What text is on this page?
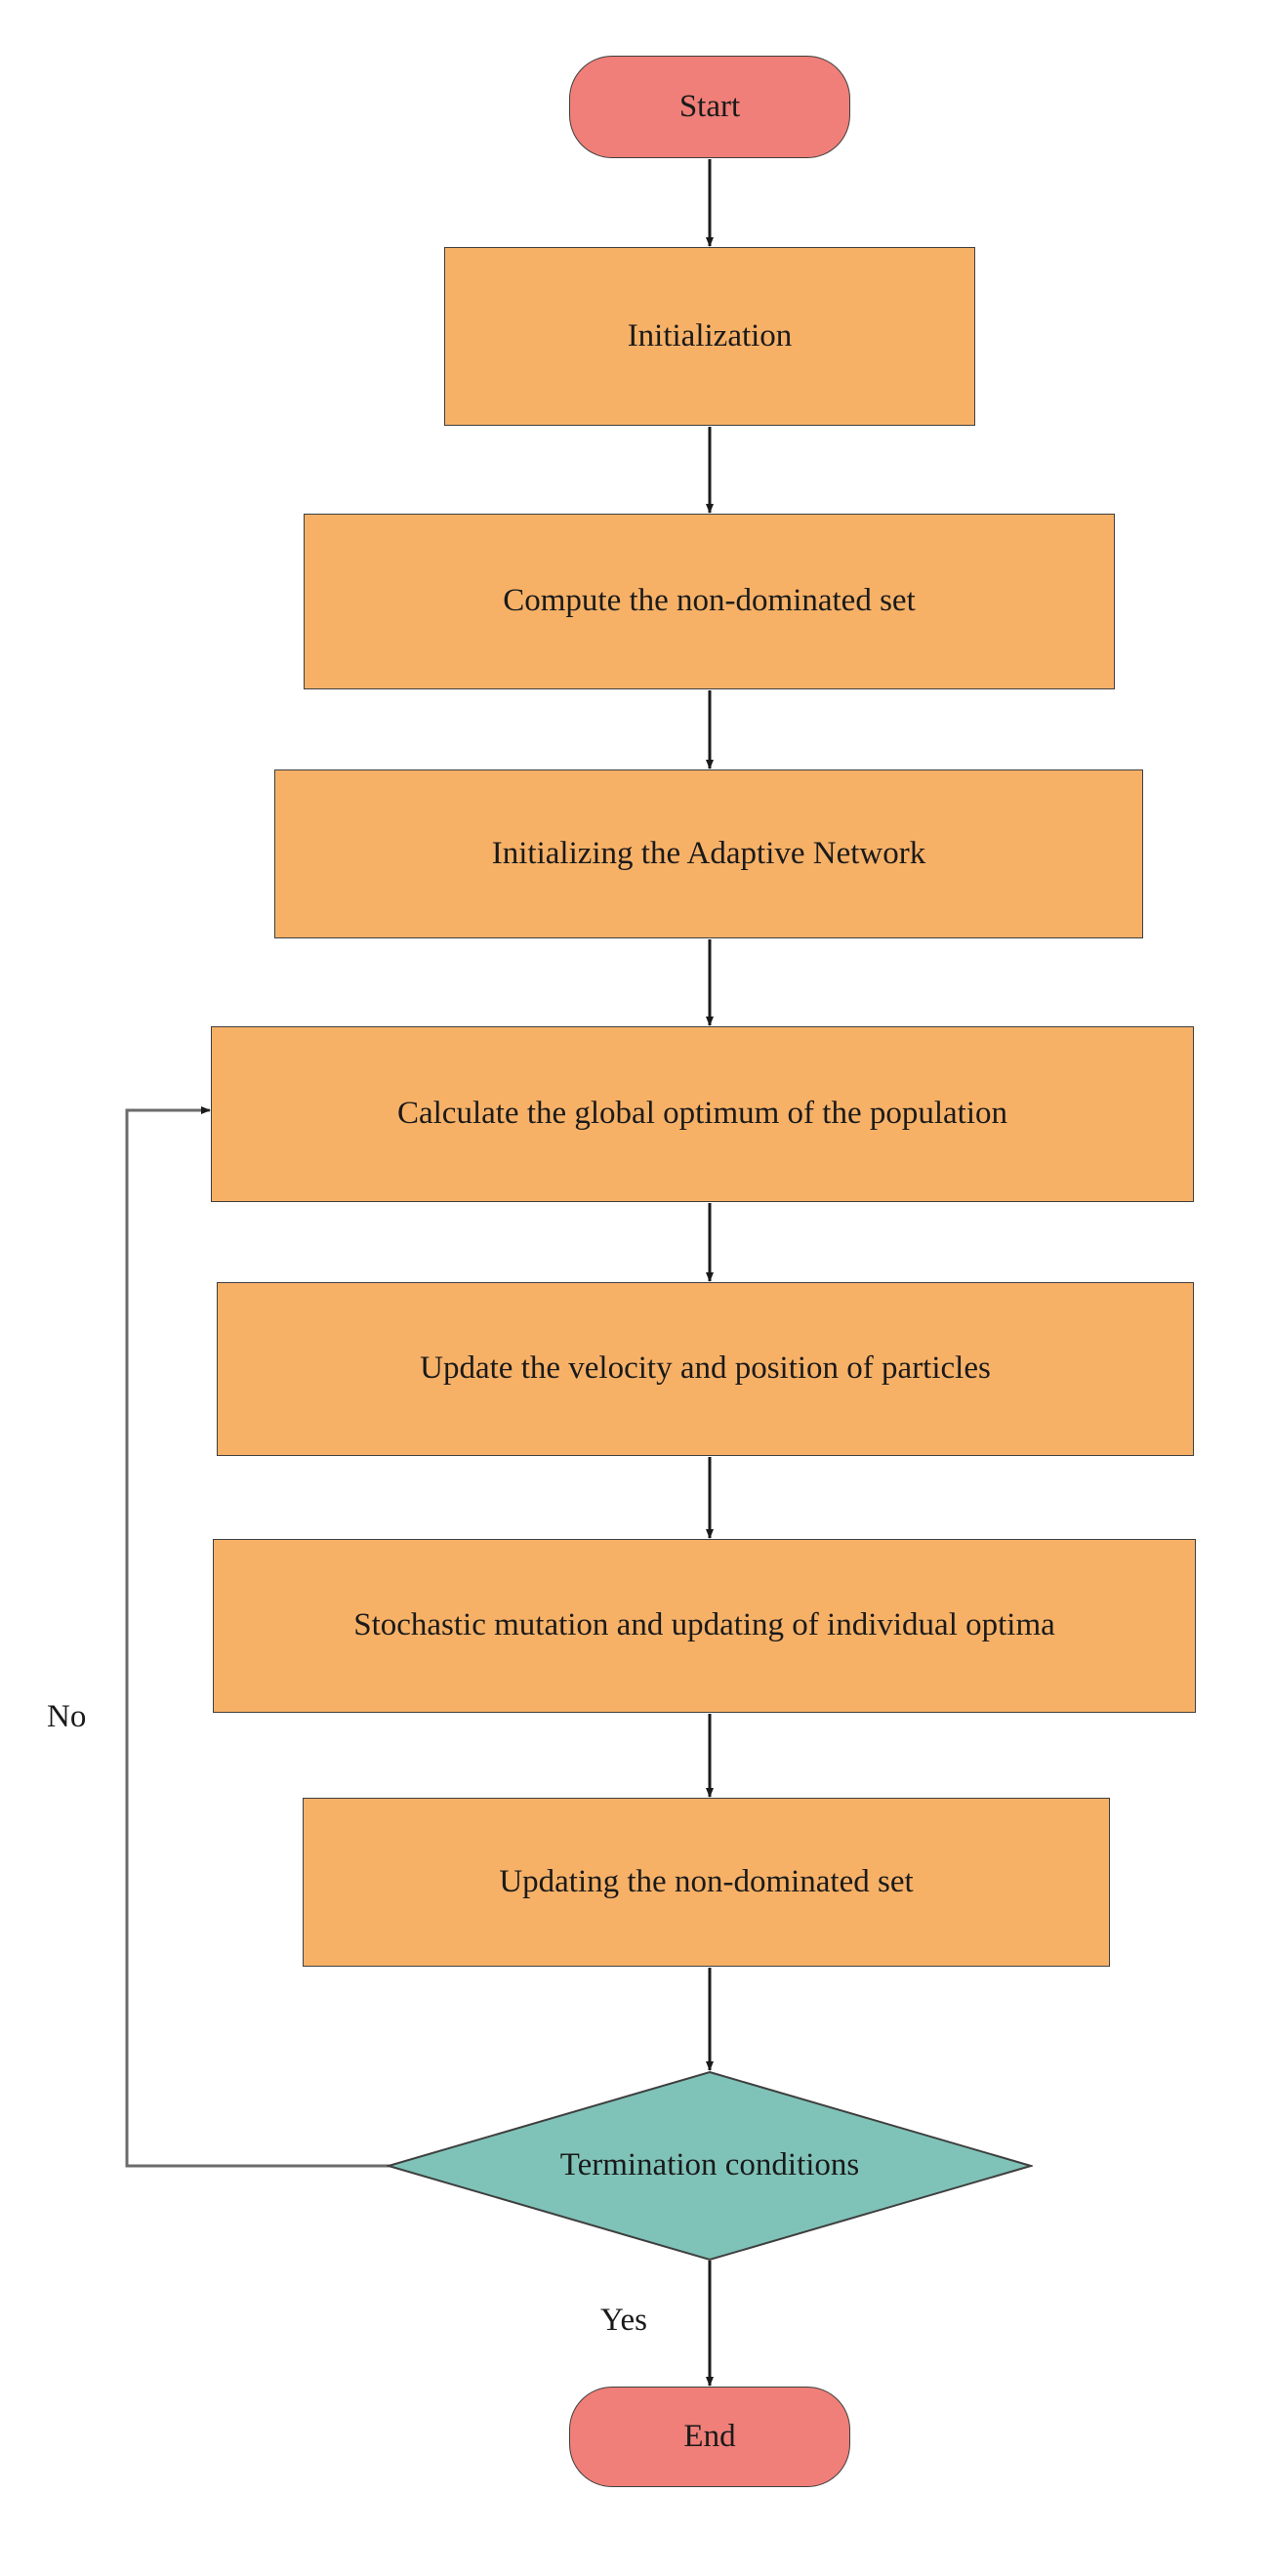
Start
Initialization
Compute the non-dominated set
Initializing the Adaptive Network
Calculate the global optimum of the population
Update the velocity and position of particles
Stochastic mutation and updating of individual optima
Updating the non-dominated set
Termination conditions
End
No
Yes
